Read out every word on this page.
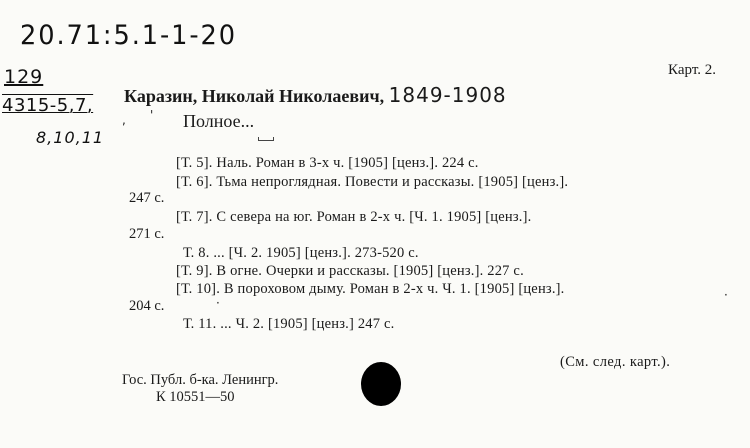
20.71:5.1-1-20
129
4315-5,7,
8,10,11
Карт. 2.
Каразин, Николай Николаевич, 1849-1908
Полное...
[Т. 5]. Наль. Роман в 3-х ч. [1905] [ценз.]. 224 с.
[Т. 6]. Тьма непроглядная. Повести и рассказы. [1905] [ценз.].
247 с.
[Т. 7]. С севера на юг. Роман в 2-х ч. [Ч. 1. 1905] [ценз.].
271 с.
Т. 8. ... [Ч. 2. 1905] [ценз.]. 273-520 с.
[Т. 9]. В огне. Очерки и рассказы. [1905] [ценз.]. 227 с.
[Т. 10]. В пороховом дыму. Роман в 2-х ч. Ч. 1. [1905] [ценз.].
204 с.
Т. 11. ... Ч. 2. [1905] [ценз.] 247 с.
(См. след. карт.).
Гос. Публ. б-ка. Ленингр.
К 10551—50
, '
·
·
